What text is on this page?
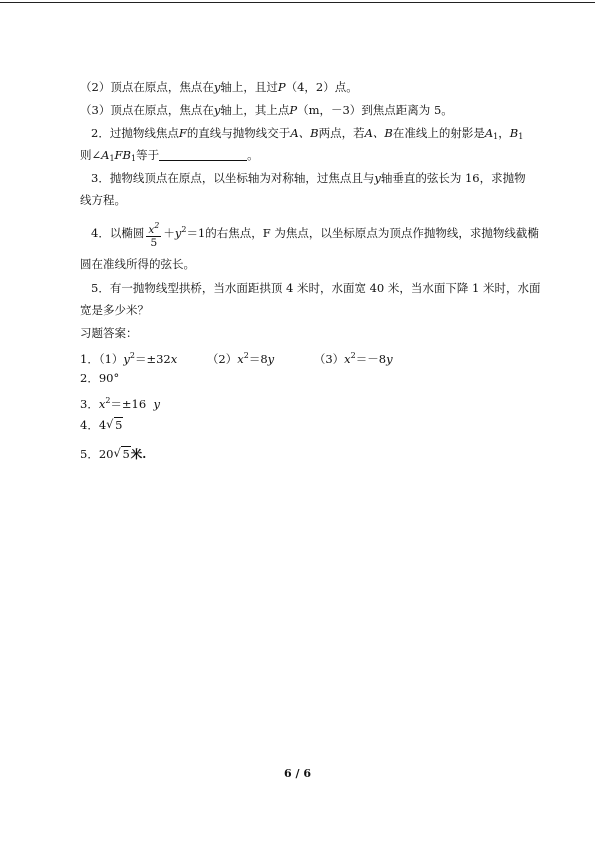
（2）顶点在原点，焦点在y轴上，且过P（4，2）点。
（3）顶点在原点，焦点在y轴上，其上点P（m，－3）到焦点距离为 5。
2．过抛物线焦点F的直线与抛物线交于A、B两点，若A、B在准线上的射影是$A_1$，$B_1$
则$\angle A_1FB_1$等于	。
3．抛物线顶点在原点，以坐标轴为对称轴，过焦点且与y轴垂直的弦长为 16，求抛物
线方程。
4．以椭圆 $\frac{x^2}{5} +y^2=1$的右焦点，F 为焦点，以坐标原点为顶点作抛物线，求抛物线截椭
圆在准线所得的弦长。
5．有一抛物线型拱桥，当水面距拱顶 4 米时，水面宽 40 米，当水面下降 1 米时，水面
宽是多少米？
习题答案：
1．$(1)y^2=\pm 32x$	$(2)x^2=8y$	$(3)x^2=-8y$
2．90°
3．$x^2=\pm 16$ y
4．4 √ 5
5．20 √ 5米.
6 / 6
